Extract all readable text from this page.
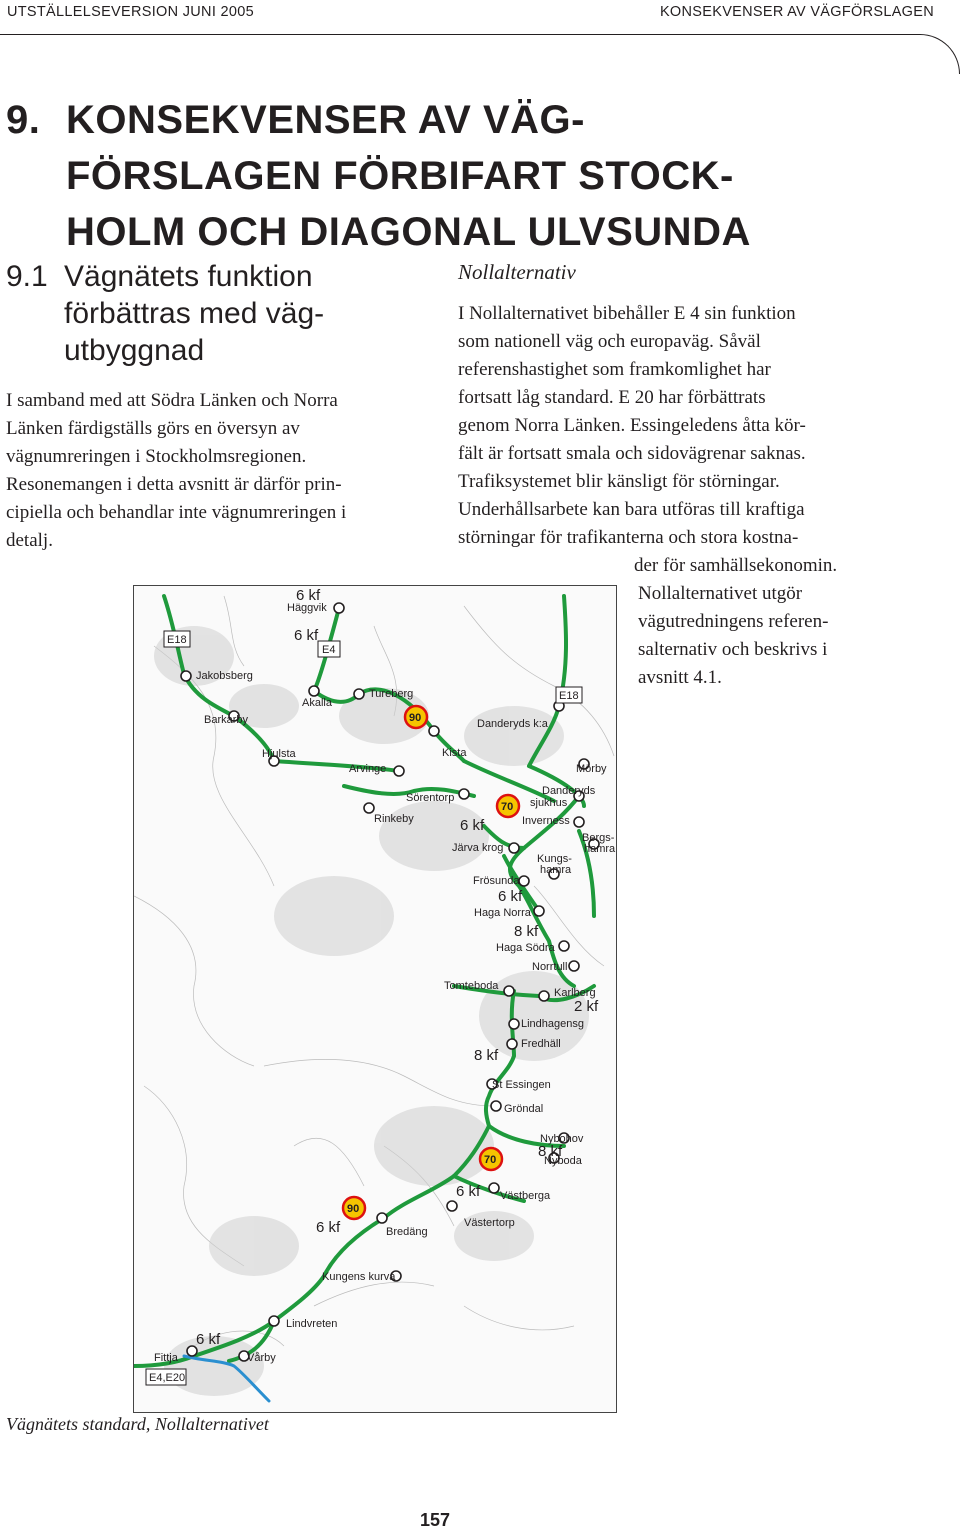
UTSTÄLLELSEVERSION JUNI 2005	KONSEKVENSER AV VÄGFÖRSLAGEN
9. KONSEKVENSER AV VÄG-
FÖRSLAGEN FÖRBIFART STOCK-
HOLM OCH DIAGONAL ULVSUNDA
9.1 Vägnätets funktion
förbättras med väg-
utbyggnad
I samband med att Södra Länken och Norra
Länken färdigställs görs en översyn av
vägnumreringen i Stockholmsregionen.
Resonemangen i detta avsnitt är därför prin-
cipiella och behandlar inte vägnumreringen i
detalj.

Nollalternativ

I Nollalternativet bibehåller E 4 sin funktion
som nationell väg och europaväg. Såväl
referenshastighet som framkomlighet har
fortsatt låg standard. E 20 har förbättrats
genom Norra Länken. Essingeledens åtta kör-
fält är fortsatt smala och sidovägrenar saknas.
Trafiksystemet blir känsligt för störningar.
Underhållsarbete kan bara utföras till kraftiga
störningar för trafikanterna och stora kostna-
der för samhällsekonomin.
Nollalternativet utgör
vägutredningens referen-
salternativ och beskrivs i
avsnitt 4.1.
E18
E4
E18
E4,E20
90
70
70
90
Jakobsberg
Barkarby
6 kf
Häggvik
6 kf
Akalla
Tureberg
Danderyds k:a
Hjulsta
Arvinge
Kista
Mörby
Sörentorp
Rinkeby
Danderyds
sjukhus
Inverness
6 kf
Järva krog
Bergs-
hamra
Kungs-
hamra
Frösunda
6 kf
Haga Norra
8 kf
Haga Södra
Norrtull
Tomteboda
Karlberg
2 kf
Lindhagensg
Fredhäll
8 kf
St Essingen
Gröndal
Nybohov
8 kf
Nyboda
6 kf Västberga
6 kf	Bredäng
Västertorp
Kungens kurva
Lindvreten
6 kf
Fittja	Vårby
Vägnätets standard, Nollalternativet
157
